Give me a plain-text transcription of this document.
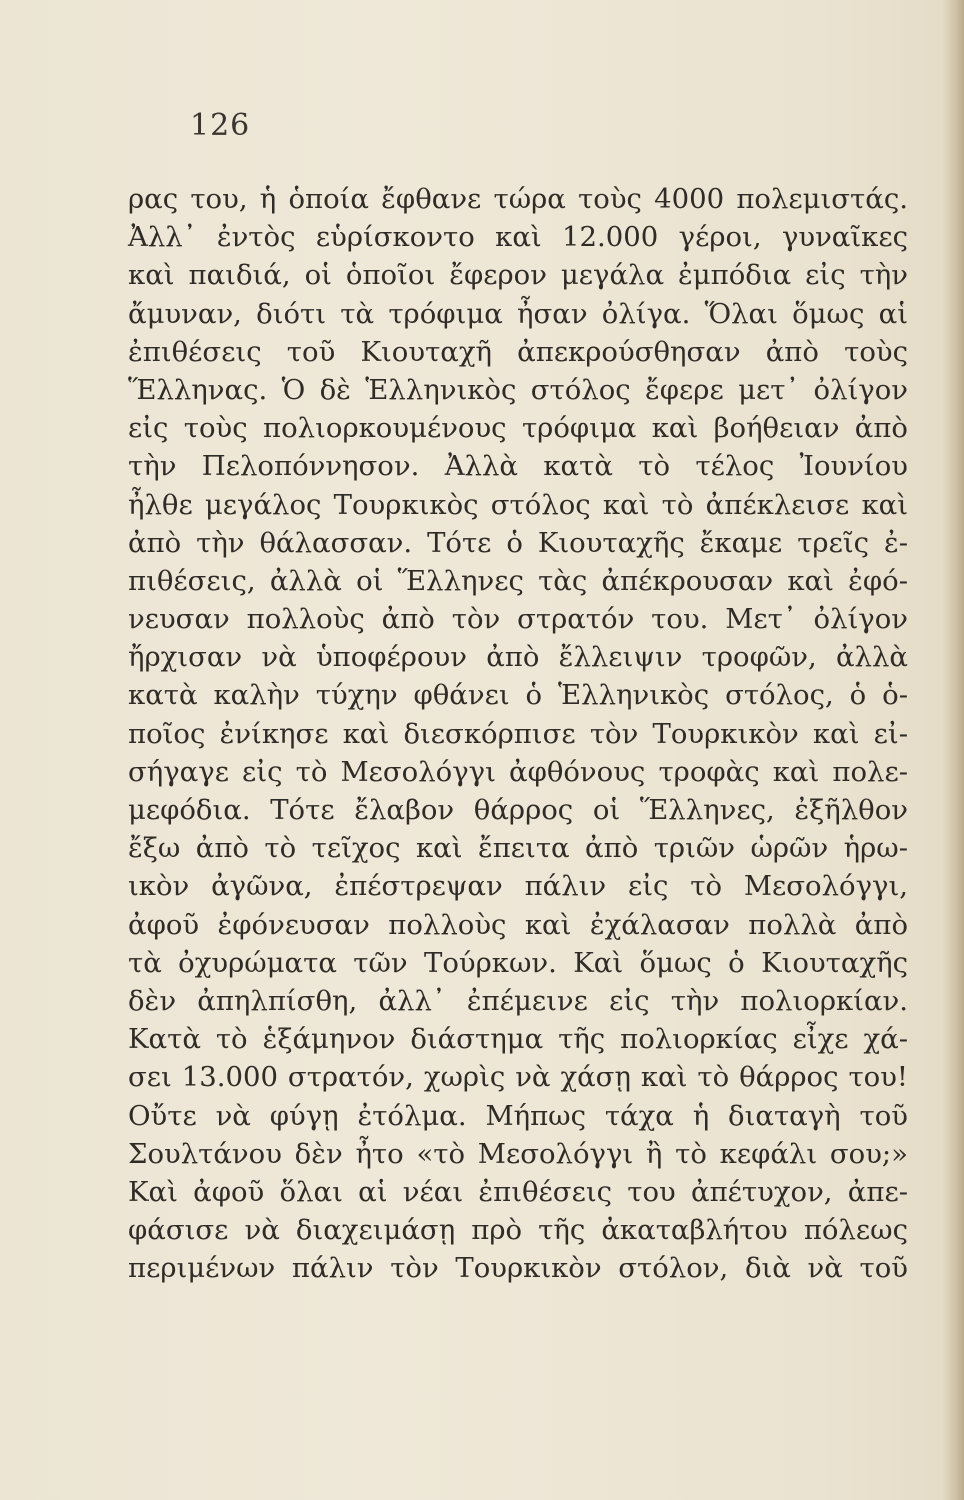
126
ρας του, ἡ ὁποία ἔφθανε τώρα τοὺς 4000 πολεμιστάς.
Ἀλλ᾽ ἐντὸς εὑρίσκοντο καὶ 12.000 γέροι, γυναῖκες
καὶ παιδιά, οἱ ὁποῖοι ἔφερον μεγάλα ἐμπόδια εἰς τὴν
ἄμυναν, διότι τὰ τρόφιμα ἦσαν ὀλίγα. Ὅλαι ὅμως αἱ
ἐπιθέσεις τοῦ Κιουταχῆ ἀπεκρούσθησαν ἀπὸ τοὺς
Ἕλληνας. Ὁ δὲ Ἑλληνικὸς στόλος ἔφερε μετ᾽ ὀλίγον
εἰς τοὺς πολιορκουμένους τρόφιμα καὶ βοήθειαν ἀπὸ
τὴν Πελοπόννησον. Ἀλλὰ κατὰ τὸ τέλος Ἰουνίου
ἦλθε μεγάλος Τουρκικὸς στόλος καὶ τὸ ἀπέκλεισε καὶ
ἀπὸ τὴν θάλασσαν. Τότε ὁ Κιουταχῆς ἔκαμε τρεῖς ἐ-
πιθέσεις, ἀλλὰ οἱ Ἕλληνες τὰς ἀπέκρουσαν καὶ ἐφό-
νευσαν πολλοὺς ἀπὸ τὸν στρατόν του. Μετ᾽ ὀλίγον
ἤρχισαν νὰ ὑποφέρουν ἀπὸ ἔλλειψιν τροφῶν, ἀλλὰ
κατὰ καλὴν τύχην φθάνει ὁ Ἑλληνικὸς στόλος, ὁ ὁ-
ποῖος ἐνίκησε καὶ διεσκόρπισε τὸν Τουρκικὸν καὶ εἰ-
σήγαγε εἰς τὸ Μεσολόγγι ἀφθόνους τροφὰς καὶ πολε-
μεφόδια. Τότε ἔλαβον θάρρος οἱ Ἕλληνες, ἐξῆλθον
ἔξω ἀπὸ τὸ τεῖχος καὶ ἔπειτα ἀπὸ τριῶν ὡρῶν ἡρω-
ικὸν ἀγῶνα, ἐπέστρεψαν πάλιν εἰς τὸ Μεσολόγγι,
ἀφοῦ ἐφόνευσαν πολλοὺς καὶ ἐχάλασαν πολλὰ ἀπὸ
τὰ ὀχυρώματα τῶν Τούρκων. Καὶ ὅμως ὁ Κιουταχῆς
δὲν ἀπηλπίσθη, ἀλλ᾽ ἐπέμεινε εἰς τὴν πολιορκίαν.
Κατὰ τὸ ἑξάμηνον διάστημα τῆς πολιορκίας εἶχε χά-
σει 13.000 στρατόν, χωρὶς νὰ χάσῃ καὶ τὸ θάρρος του!
Οὔτε νὰ φύγῃ ἐτόλμα. Μήπως τάχα ἡ διαταγὴ τοῦ
Σουλτάνου δὲν ἦτο «τὸ Μεσολόγγι ἢ τὸ κεφάλι σου;»
Καὶ ἀφοῦ ὅλαι αἱ νέαι ἐπιθέσεις του ἀπέτυχον, ἀπε-
φάσισε νὰ διαχειμάσῃ πρὸ τῆς ἀκαταβλήτου πόλεως
περιμένων πάλιν τὸν Τουρκικὸν στόλον, διὰ νὰ τοῦ
